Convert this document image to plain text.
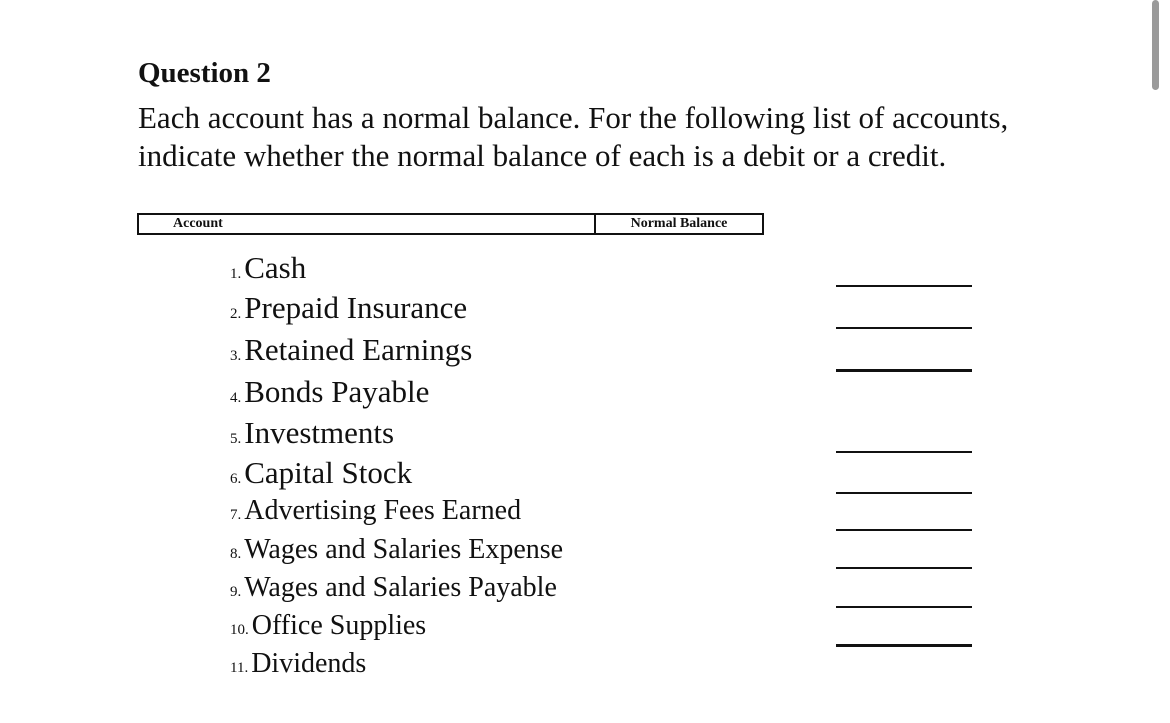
Question 2
Each account has a normal balance. For the following list of accounts, indicate whether the normal balance of each is a debit or a credit.
Account	Normal Balance
1.Cash
2.Prepaid Insurance
3.Retained Earnings
4.Bonds Payable
5.Investments
6.Capital Stock
7. Advertising Fees Earned
8. Wages and Salaries Expense
9. Wages and Salaries Payable
10. Office Supplies
11. Dividends
